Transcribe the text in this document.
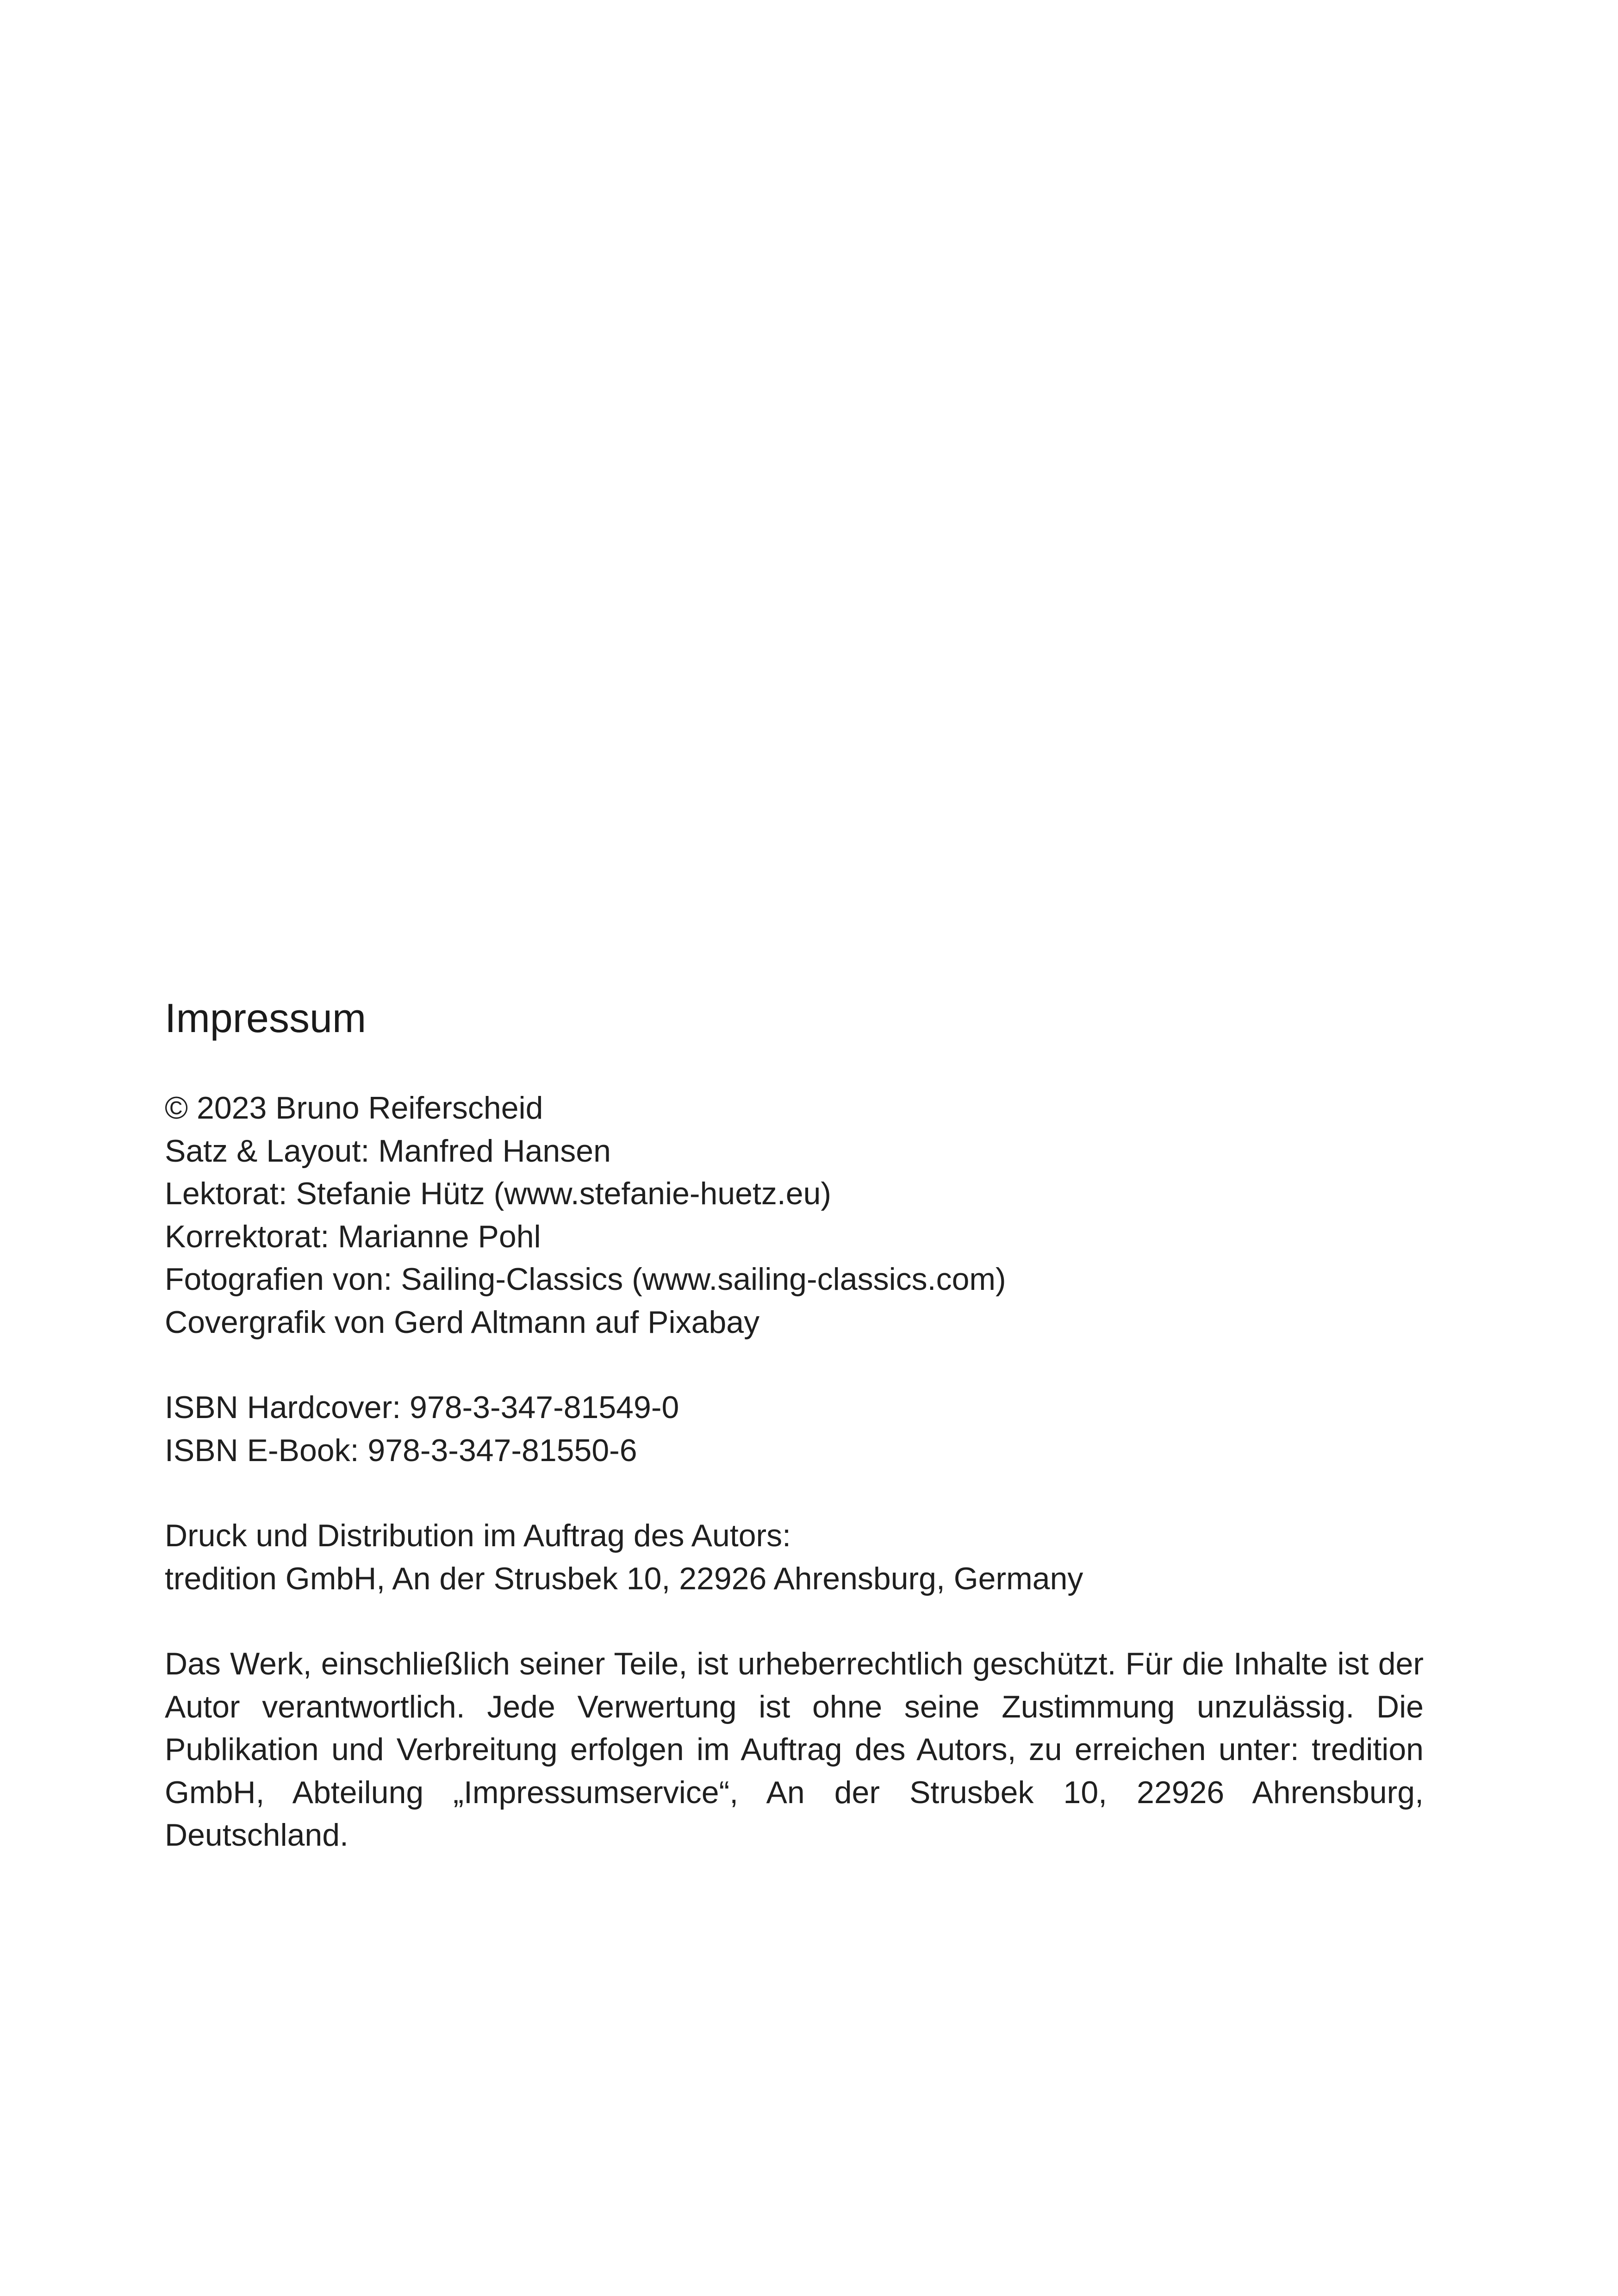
Impressum

© 2023 Bruno Reiferscheid
Satz & Layout: Manfred Hansen
Lektorat: Stefanie Hütz (www.stefanie-huetz.eu)
Korrektorat: Marianne Pohl
Fotografien von: Sailing-Classics (www.sailing-classics.com)
Covergrafik von Gerd Altmann auf Pixabay

ISBN Hardcover: 978-3-347-81549-0
ISBN E-Book: 978-3-347-81550-6

Druck und Distribution im Auftrag des Autors:
tredition GmbH, An der Strusbek 10, 22926 Ahrensburg, Germany

Das Werk, einschließlich seiner Teile, ist urheberrechtlich geschützt. Für die Inhalte ist der Autor verantwortlich. Jede Verwertung ist ohne seine Zustimmung unzulässig. Die Publikation und Verbreitung erfolgen im Auftrag des Autors, zu erreichen unter: tredition GmbH, Abteilung „Impressumservice“, An der Strusbek 10, 22926 Ahrensburg, Deutschland.
